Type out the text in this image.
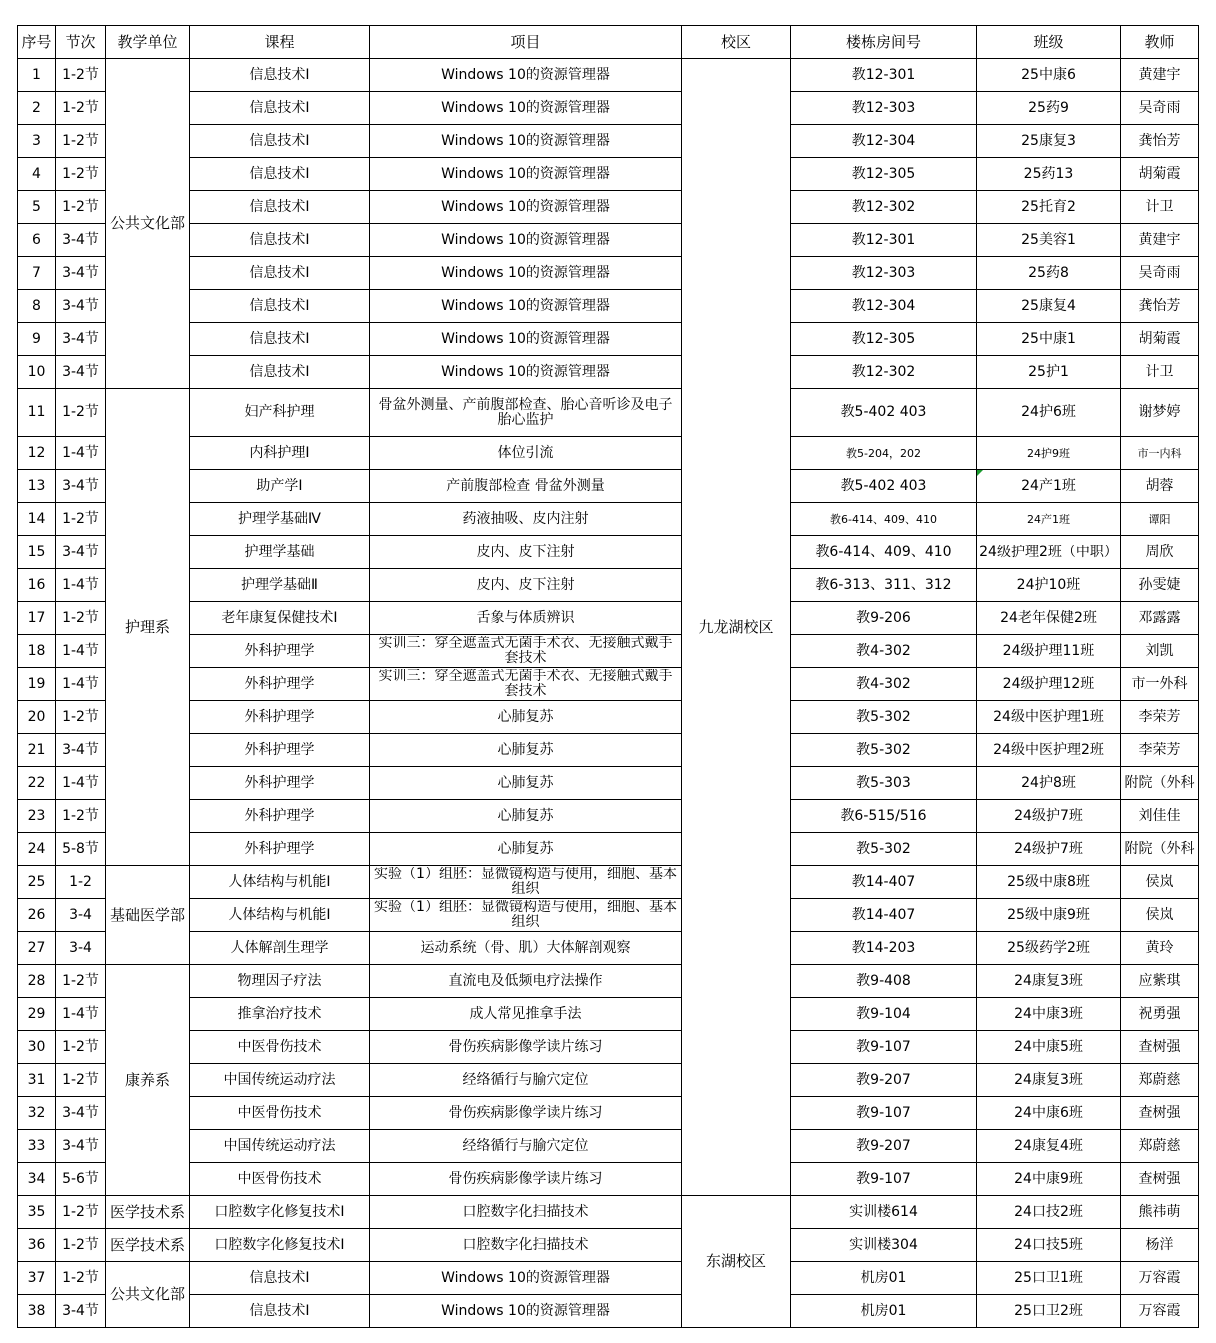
序号	节次	教学单位	课程	项目	校区	楼栋房间号	班级	教师
1	1-2节	公共文化部	信息技术Ⅰ	Windows 10的资源管理器	九龙湖校区	教12-301	25中康6	黄建宇
2	1-2节		信息技术Ⅰ	Windows 10的资源管理器		教12-303	25药9	吴奇雨
3	1-2节		信息技术Ⅰ	Windows 10的资源管理器		教12-304	25康复3	龚怡芳
4	1-2节		信息技术Ⅰ	Windows 10的资源管理器		教12-305	25药13	胡菊霞
5	1-2节		信息技术Ⅰ	Windows 10的资源管理器		教12-302	25托育2	计卫
6	3-4节		信息技术Ⅰ	Windows 10的资源管理器		教12-301	25美容1	黄建宇
7	3-4节		信息技术Ⅰ	Windows 10的资源管理器		教12-303	25药8	吴奇雨
8	3-4节		信息技术Ⅰ	Windows 10的资源管理器		教12-304	25康复4	龚怡芳
9	3-4节		信息技术Ⅰ	Windows 10的资源管理器		教12-305	25中康1	胡菊霞
10	3-4节		信息技术Ⅰ	Windows 10的资源管理器		教12-302	25护1	计卫
11	1-2节	护理系	妇产科护理	骨盆外测量、产前腹部检查、胎心音听诊及电子胎心监护		教5-402 403	24护6班	谢梦婷
12	1-4节		内科护理I	体位引流		教5-204，202	24护9班	市一内科
13	3-4节		助产学I	产前腹部检查 骨盆外测量		教5-402 403	24产1班	胡蓉
14	1-2节		护理学基础Ⅳ	药液抽吸、皮内注射		教6-414、409、410	24产1班	谭阳
15	3-4节		护理学基础	皮内、皮下注射		教6-414、409、410	24级护理2班（中职）	周欣
16	1-4节		护理学基础Ⅱ	皮内、皮下注射		教6-313、311、312	24护10班	孙雯婕
17	1-2节		老年康复保健技术Ⅰ	舌象与体质辨识		教9-206	24老年保健2班	邓露露
18	1-4节		外科护理学	实训三：穿全遮盖式无菌手术衣、无接触式戴手套技术		教4-302	24级护理11班	刘凯
19	1-4节		外科护理学	实训三：穿全遮盖式无菌手术衣、无接触式戴手套技术		教4-302	24级护理12班	市一外科
20	1-2节		外科护理学	心肺复苏		教5-302	24级中医护理1班	李荣芳
21	3-4节		外科护理学	心肺复苏		教5-302	24级中医护理2班	李荣芳
22	1-4节		外科护理学	心肺复苏		教5-303	24护8班	附院（外科
23	1-2节		外科护理学	心肺复苏		教6-515/516	24级护7班	刘佳佳
24	5-8节		外科护理学	心肺复苏		教5-302	24级护7班	附院（外科
25	1-2	基础医学部	人体结构与机能Ⅰ	实验（1）组胚：显微镜构造与使用，细胞、基本组织		教14-407	25级中康8班	侯岚
26	3-4		人体结构与机能Ⅰ	实验（1）组胚：显微镜构造与使用，细胞、基本组织		教14-407	25级中康9班	侯岚
27	3-4		人体解剖生理学	运动系统（骨、肌）大体解剖观察		教14-203	25级药学2班	黄玲
28	1-2节	康养系	物理因子疗法	直流电及低频电疗法操作		教9-408	24康复3班	应紫琪
29	1-4节		推拿治疗技术	成人常见推拿手法		教9-104	24中康3班	祝勇强
30	1-2节		中医骨伤技术	骨伤疾病影像学读片练习		教9-107	24中康5班	查树强
31	1-2节		中国传统运动疗法	经络循行与腧穴定位		教9-207	24康复3班	郑蔚慈
32	3-4节		中医骨伤技术	骨伤疾病影像学读片练习		教9-107	24中康6班	查树强
33	3-4节		中国传统运动疗法	经络循行与腧穴定位		教9-207	24康复4班	郑蔚慈
34	5-6节		中医骨伤技术	骨伤疾病影像学读片练习		教9-107	24中康9班	查树强
35	1-2节	医学技术系	口腔数字化修复技术I	口腔数字化扫描技术	东湖校区	实训楼614	24口技2班	熊祎萌
36	1-2节	医学技术系	口腔数字化修复技术I	口腔数字化扫描技术		实训楼304	24口技5班	杨洋
37	1-2节	公共文化部	信息技术Ⅰ	Windows 10的资源管理器		机房01	25口卫1班	万容霞
38	3-4节		信息技术Ⅰ	Windows 10的资源管理器		机房01	25口卫2班	万容霞
